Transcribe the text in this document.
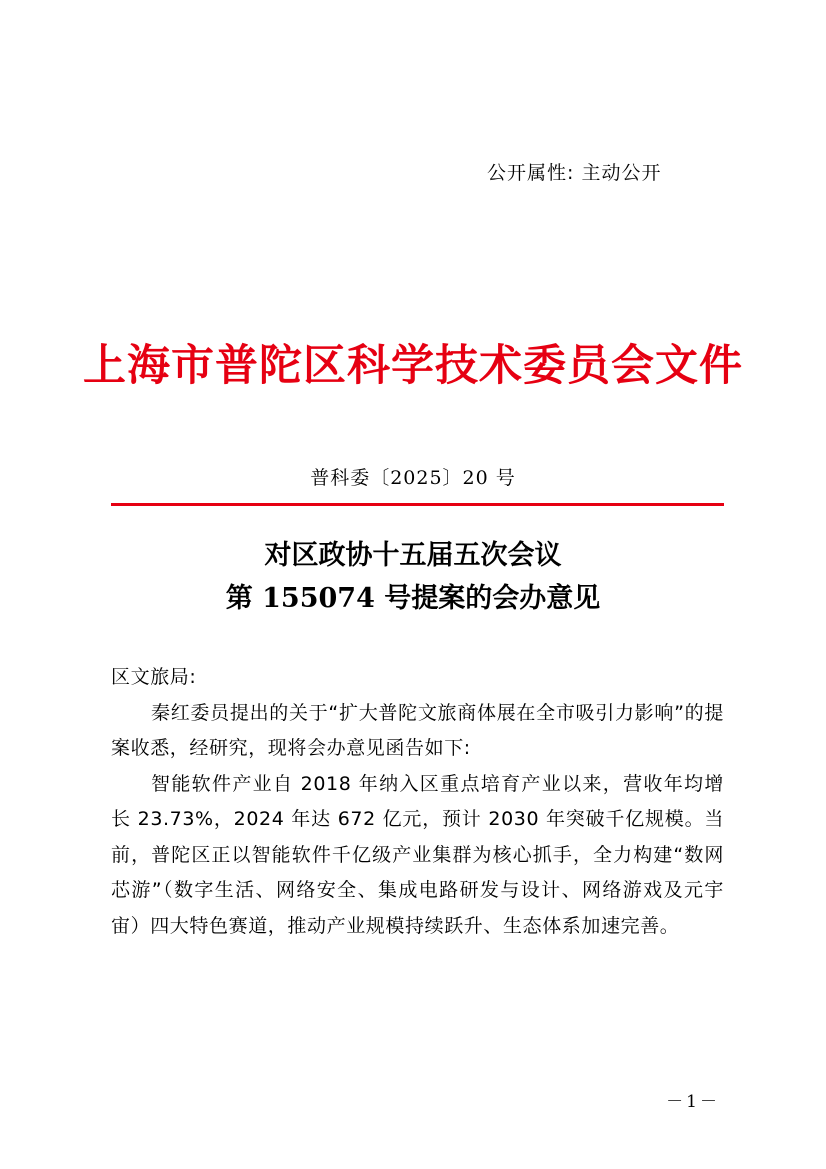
公开属性: 主动公开
上海市普陀区科学技术委员会文件
普科委〔2025〕20 号
对区政协十五届五次会议
第 155074 号提案的会办意见

区文旅局:

秦红委员提出的关于“扩大普陀文旅商体展在全市吸引力影响”的提案收悉，经研究，现将会办意见函告如下:

智能软件产业自 2018 年纳入区重点培育产业以来，营收年均增长 23.73%，2024 年达 672 亿元，预计 2030 年突破千亿规模。当前，普陀区正以智能软件千亿级产业集群为核心抓手，全力构建“数网芯游”（数字生活、网络安全、集成电路研发与设计、网络游戏及元宇宙）四大特色赛道，推动产业规模持续跃升、生态体系加速完善。

－1－
